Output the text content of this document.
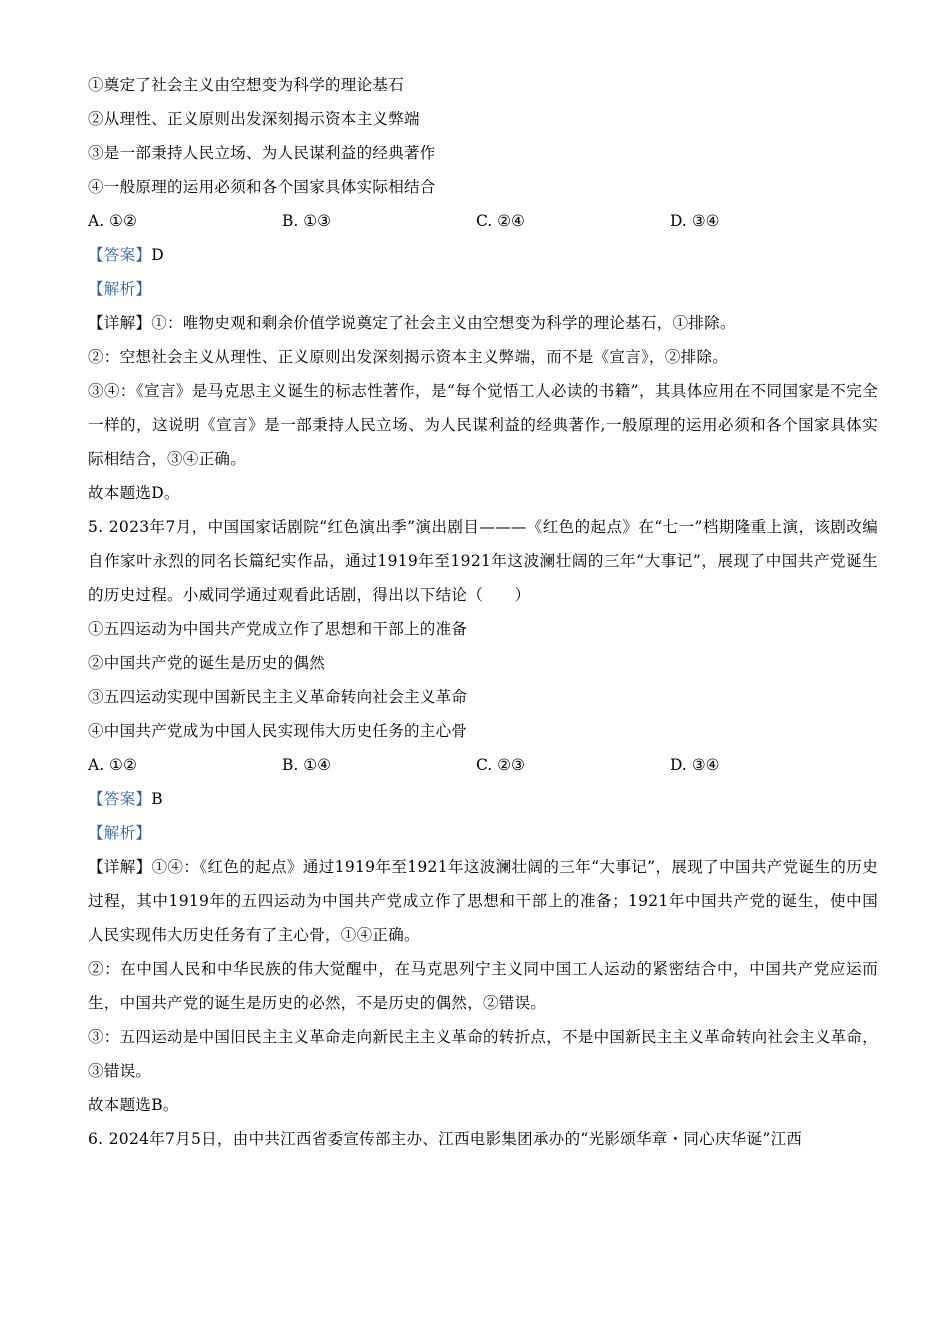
①奠定了社会主义由空想变为科学的理论基石
②从理性、正义原则出发深刻揭示资本主义弊端
③是一部秉持人民立场、为人民谋利益的经典著作
④一般原理的运用必须和各个国家具体实际相结合
A. ①②	B. ①③	C. ②④	D. ③④
【答案】D
【解析】
【详解】①：唯物史观和剩余价值学说奠定了社会主义由空想变为科学的理论基石，①排除。
②：空想社会主义从理性、正义原则出发深刻揭示资本主义弊端，而不是《宣言》，②排除。
③④：《宣言》是马克思主义诞生的标志性著作，是“每个觉悟工人必读的书籍”，其具体应用在不同国家是不完全一样的，这说明《宣言》是一部秉持人民立场、为人民谋利益的经典著作,一般原理的运用必须和各个国家具体实际相结合，③④正确。
故本题选D。
5. 2023年7月，中国国家话剧院“红色演出季”演出剧目———《红色的起点》在“七一”档期隆重上演，该剧改编自作家叶永烈的同名长篇纪实作品，通过1919年至1921年这波澜壮阔的三年“大事记”，展现了中国共产党诞生的历史过程。小威同学通过观看此话剧，得出以下结论（　　）
①五四运动为中国共产党成立作了思想和干部上的准备
②中国共产党的诞生是历史的偶然
③五四运动实现中国新民主主义革命转向社会主义革命
④中国共产党成为中国人民实现伟大历史任务的主心骨
A. ①②	B. ①④	C. ②③	D. ③④
【答案】B
【解析】
【详解】①④：《红色的起点》通过1919年至1921年这波澜壮阔的三年“大事记”，展现了中国共产党诞生的历史过程，其中1919年的五四运动为中国共产党成立作了思想和干部上的准备；1921年中国共产党的诞生，使中国人民实现伟大历史任务有了主心骨，①④正确。
②：在中国人民和中华民族的伟大觉醒中，在马克思列宁主义同中国工人运动的紧密结合中，中国共产党应运而生，中国共产党的诞生是历史的必然，不是历史的偶然，②错误。
③：五四运动是中国旧民主主义革命走向新民主主义革命的转折点，不是中国新民主主义革命转向社会主义革命，③错误。
故本题选B。
6. 2024年7月5日，由中共江西省委宣传部主办、江西电影集团承办的“光影颂华章・同心庆华诞”江西
